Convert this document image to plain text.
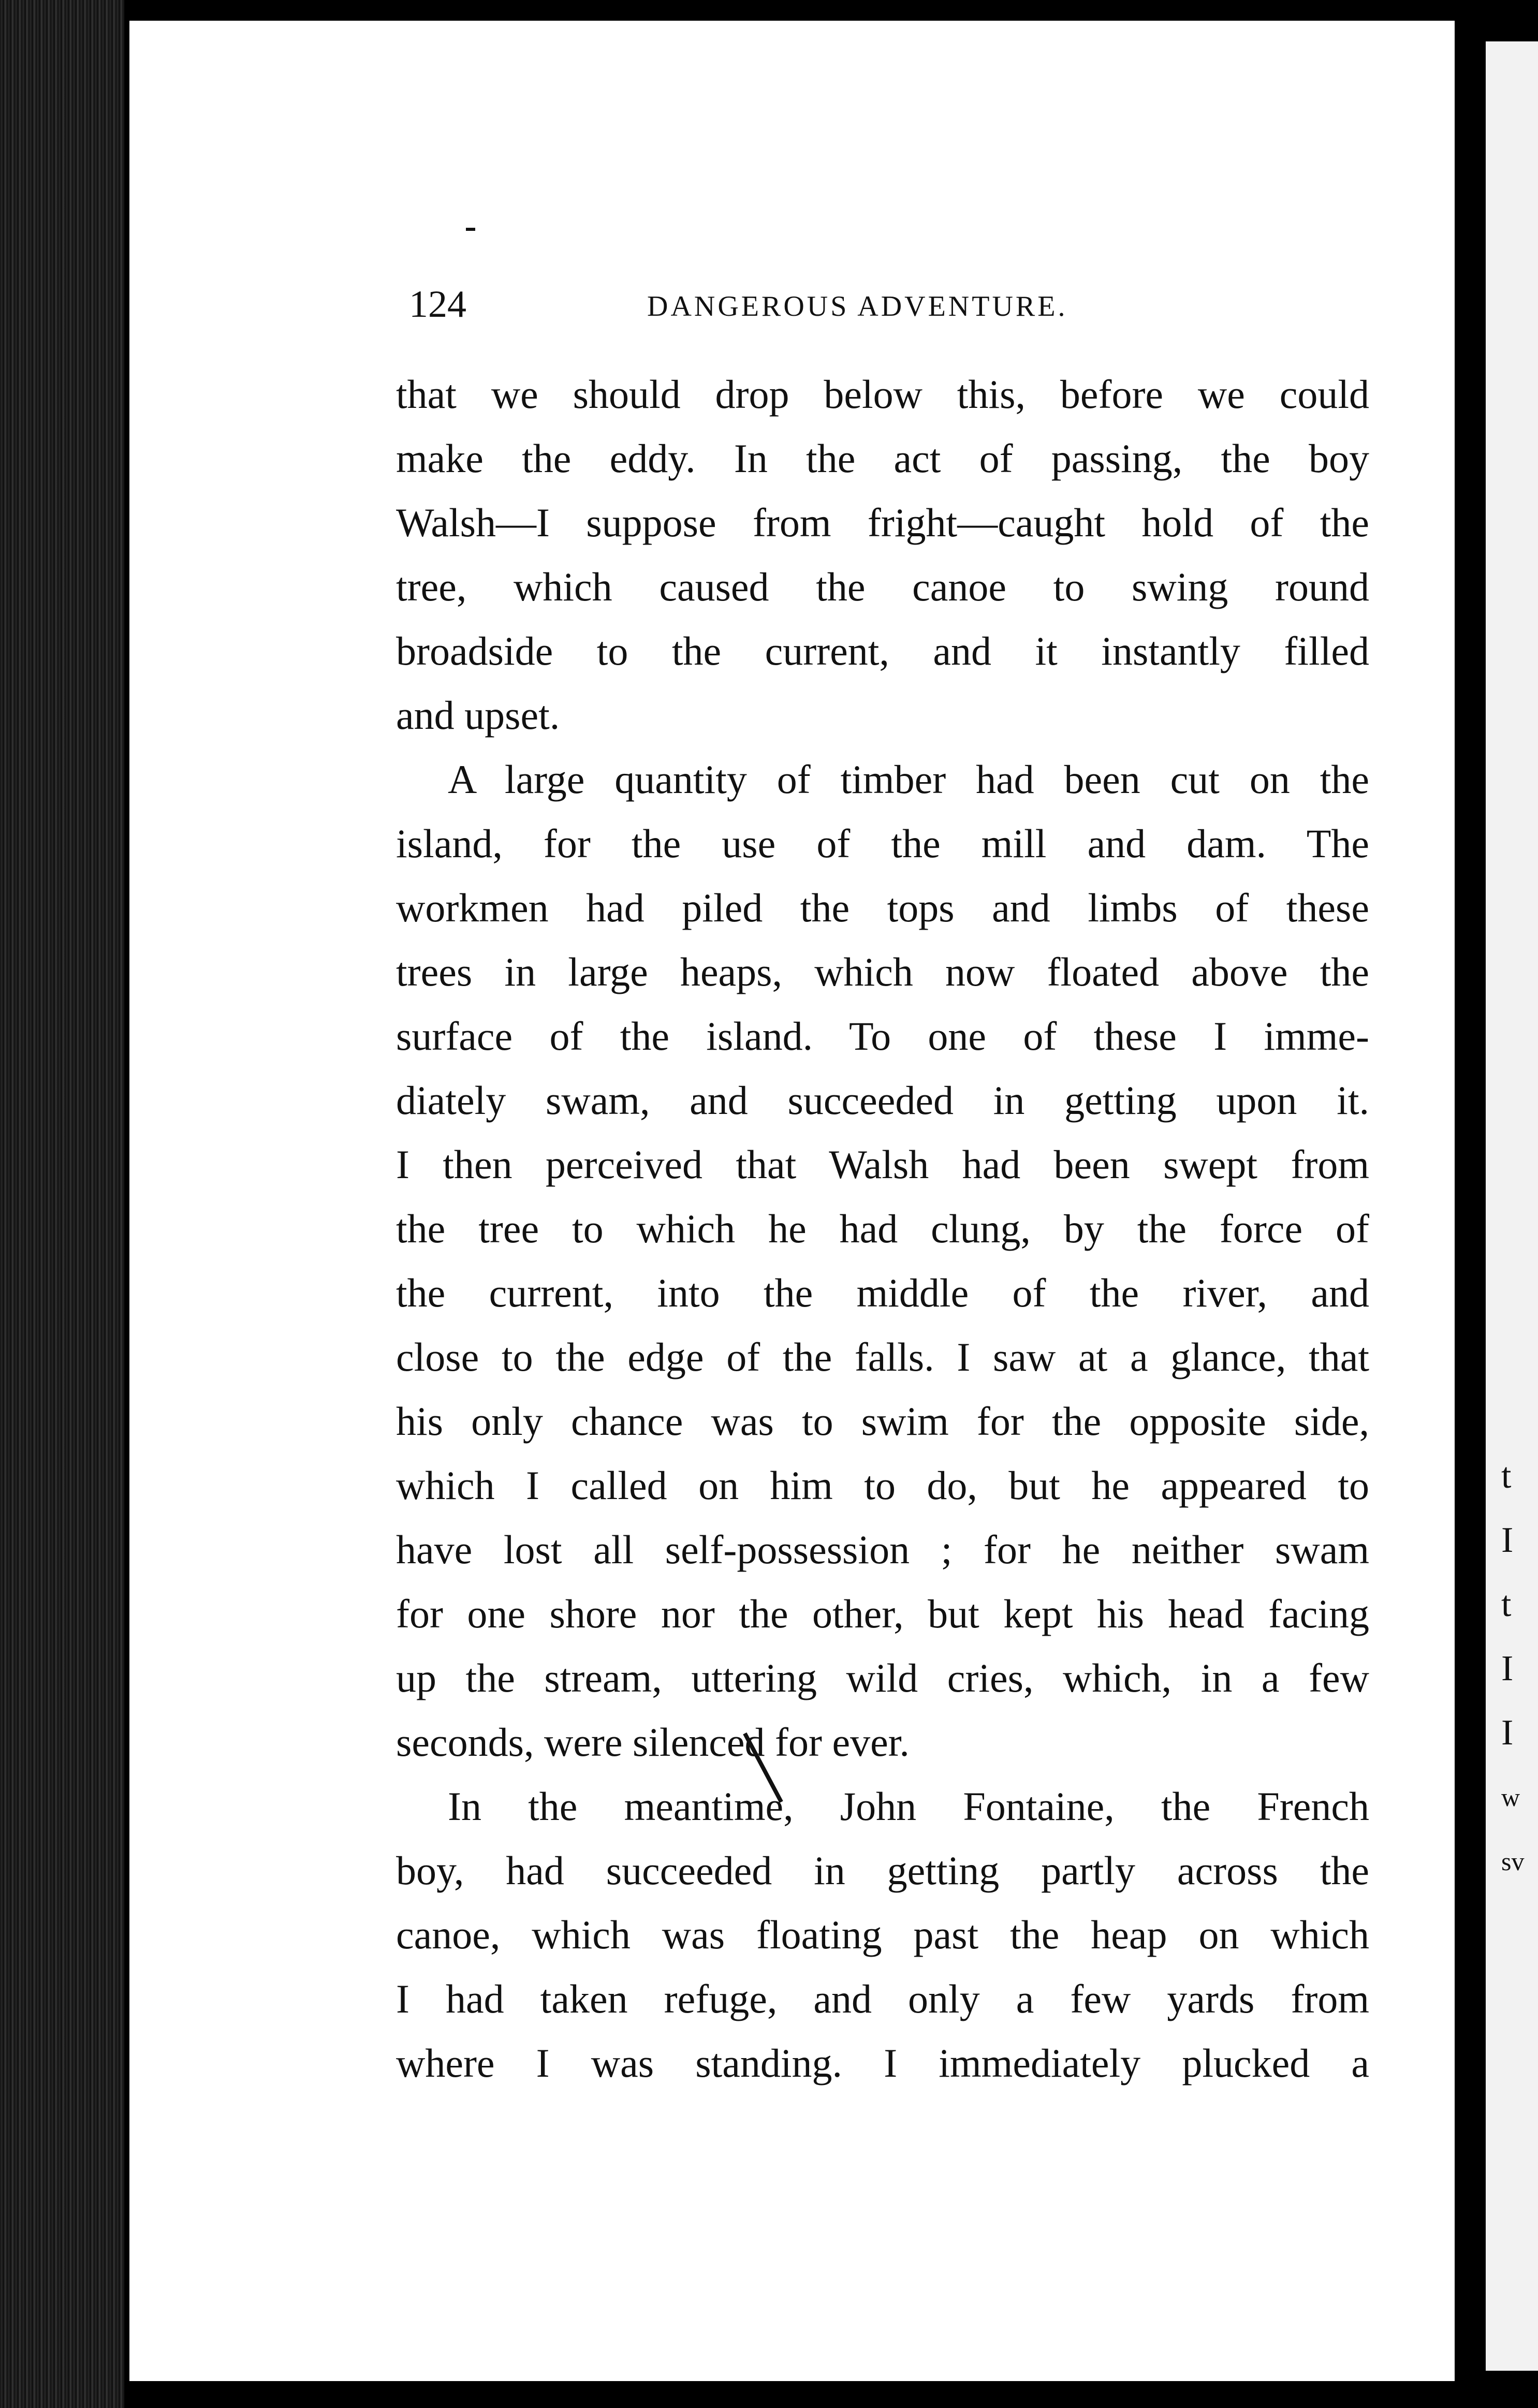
t
I
t
I
I
w
sv
124	DANGEROUS ADVENTURE.
that we should drop below this, before we could
make the eddy. In the act of passing, the boy
Walsh—I suppose from fright—caught hold of the
tree, which caused the canoe to swing round
broadside to the current, and it instantly filled
and upset.
A large quantity of timber had been cut on the
island, for the use of the mill and dam. The
workmen had piled the tops and limbs of these
trees in large heaps, which now floated above the
surface of the island. To one of these I imme-
diately swam, and succeeded in getting upon it.
I then perceived that Walsh had been swept from
the tree to which he had clung, by the force of
the current, into the middle of the river, and
close to the edge of the falls. I saw at a glance, that
his only chance was to swim for the opposite side,
which I called on him to do, but he appeared to
have lost all self-possession ; for he neither swam
for one shore nor the other, but kept his head facing
up the stream, uttering wild cries, which, in a few
seconds, were silenced for ever.
In the meantime, John Fontaine, the French
boy, had succeeded in getting partly across the
canoe, which was floating past the heap on which
I had taken refuge, and only a few yards from
where I was standing. I immediately plucked a
